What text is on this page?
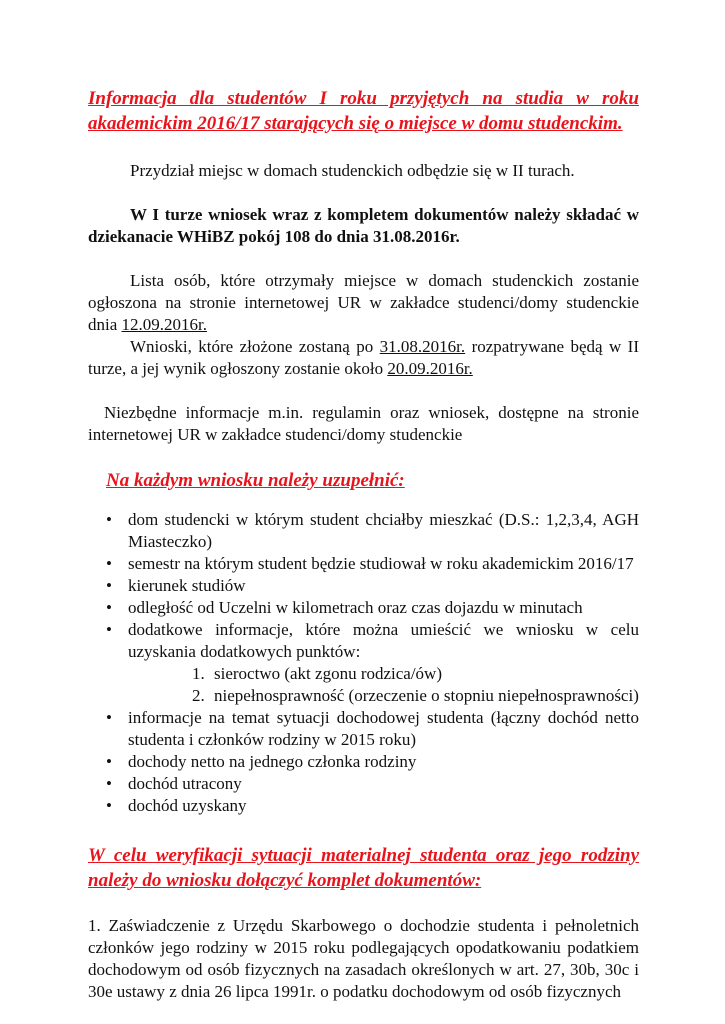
Informacja dla studentów I roku przyjętych na studia w roku

akademickim 2016/17 starających się o miejsce w domu studenckim.

Przydział miejsc w domach studenckich odbędzie się w II turach.

W I turze wniosek wraz z kompletem dokumentów należy składać w

dziekanacie WHiBZ pokój 108 do dnia 31.08.2016r.

Lista osób, które otrzymały miejsce w domach studenckich zostanie ogłoszona na stronie internetowej UR w zakładce studenci/domy studenckie dnia 12.09.2016r.

Wnioski, które złożone zostaną po 31.08.2016r. rozpatrywane będą w II turze, a jej wynik ogłoszony zostanie około 20.09.2016r.

Niezbędne informacje m.in. regulamin oraz wniosek, dostępne na stronie internetowej UR w zakładce studenci/domy studenckie

Na każdym wniosku należy uzupełnić:

• dom studencki w którym student chciałby mieszkać (D.S.: 1,2,3,4, AGH Miasteczko)
• semestr na którym student będzie studiował w roku akademickim 2016/17
• kierunek studiów
• odległość od Uczelni w kilometrach oraz czas dojazdu w minutach
• dodatkowe informacje, które można umieścić we wniosku w celu uzyskania dodatkowych punktów:
1. sieroctwo (akt zgonu rodzica/ów)
2. niepełnosprawność (orzeczenie o stopniu niepełnosprawności)
• informacje na temat sytuacji dochodowej studenta (łączny dochód netto studenta i członków rodziny w 2015 roku)
• dochody netto na jednego członka rodziny
• dochód utracony
• dochód uzyskany

W celu weryfikacji sytuacji materialnej studenta oraz jego rodziny

należy do wniosku dołączyć komplet dokumentów:

1. Zaświadczenie z Urzędu Skarbowego o dochodzie studenta i pełnoletnich członków jego rodziny w 2015 roku podlegających opodatkowaniu podatkiem dochodowym od osób fizycznych na zasadach określonych w art. 27, 30b, 30c i 30e ustawy z dnia 26 lipca 1991r. o podatku dochodowym od osób fizycznych
